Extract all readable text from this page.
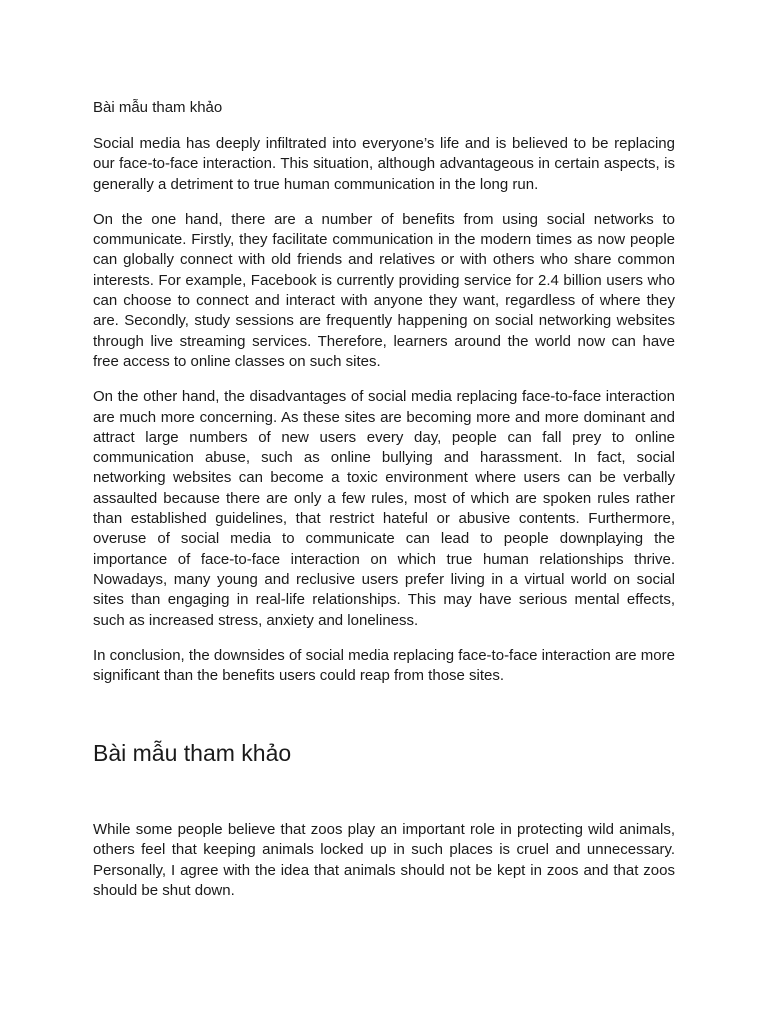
Bài mẫu tham khảo

Social media has deeply infiltrated into everyone’s life and is believed to be replacing our face-to-face interaction. This situation, although advantageous in certain aspects, is generally a detriment to true human communication in the long run.

On the one hand, there are a number of benefits from using social networks to communicate. Firstly, they facilitate communication in the modern times as now people can globally connect with old friends and relatives or with others who share common interests. For example, Facebook is currently providing service for 2.4 billion users who can choose to connect and interact with anyone they want, regardless of where they are. Secondly, study sessions are frequently happening on social networking websites through live streaming services. Therefore, learners around the world now can have free access to online classes on such sites.

On the other hand, the disadvantages of social media replacing face-to-face interaction are much more concerning. As these sites are becoming more and more dominant and attract large numbers of new users every day, people can fall prey to online communication abuse, such as online bullying and harassment. In fact, social networking websites can become a toxic environment where users can be verbally assaulted because there are only a few rules, most of which are spoken rules rather than established guidelines, that restrict hateful or abusive contents. Furthermore, overuse of social media to communicate can lead to people downplaying the importance of face-to-face interaction on which true human relationships thrive. Nowadays, many young and reclusive users prefer living in a virtual world on social sites than engaging in real-life relationships. This may have serious mental effects, such as increased stress, anxiety and loneliness.

In conclusion, the downsides of social media replacing face-to-face interaction are more significant than the benefits users could reap from those sites.

Bài mẫu tham khảo

While some people believe that zoos play an important role in protecting wild animals, others feel that keeping animals locked up in such places is cruel and unnecessary. Personally, I agree with the idea that animals should not be kept in zoos and that zoos should be shut down.
